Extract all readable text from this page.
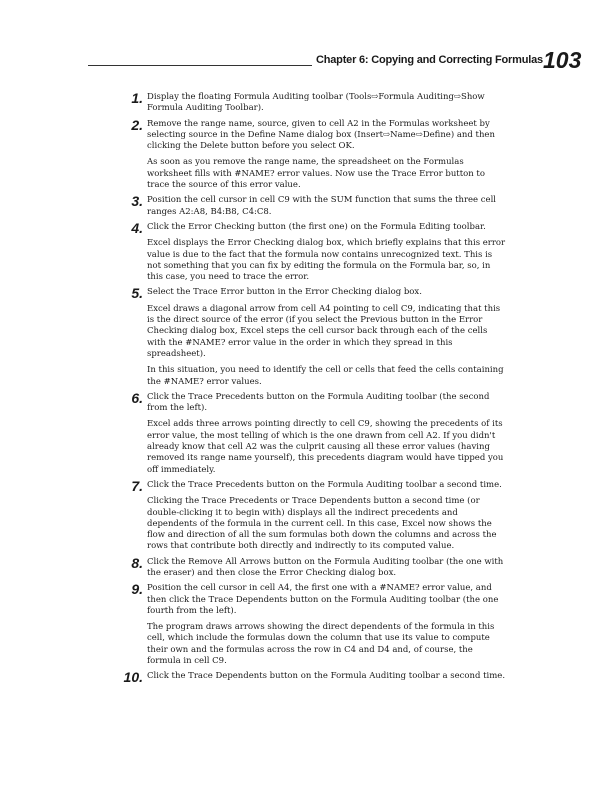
Chapter 6: Copying and Correcting Formulas 103
1. Display the floating Formula Auditing toolbar (Tools⇨Formula Auditing⇨Show Formula Auditing Toolbar).

2. Remove the range name, source, given to cell A2 in the Formulas worksheet by selecting source in the Define Name dialog box (Insert⇨Name⇨Define) and then clicking the Delete button before you select OK.

As soon as you remove the range name, the spreadsheet on the Formulas worksheet fills with #NAME? error values. Now use the Trace Error button to trace the source of this error value.

3. Position the cell cursor in cell C9 with the SUM function that sums the three cell ranges A2:A8, B4:B8, C4:C8.

4. Click the Error Checking button (the first one) on the Formula Editing toolbar.

Excel displays the Error Checking dialog box, which briefly explains that this error value is due to the fact that the formula now contains unrecognized text. This is not something that you can fix by editing the formula on the Formula bar, so, in this case, you need to trace the error.

5. Select the Trace Error button in the Error Checking dialog box.

Excel draws a diagonal arrow from cell A4 pointing to cell C9, indicating that this is the direct source of the error (if you select the Previous button in the Error Checking dialog box, Excel steps the cell cursor back through each of the cells with the #NAME? error value in the order in which they spread in this spreadsheet).

In this situation, you need to identify the cell or cells that feed the cells containing the #NAME? error values.

6. Click the Trace Precedents button on the Formula Auditing toolbar (the second from the left).

Excel adds three arrows pointing directly to cell C9, showing the precedents of its error value, the most telling of which is the one drawn from cell A2. If you didn't already know that cell A2 was the culprit causing all these error values (having removed its range name yourself), this precedents diagram would have tipped you off immediately.

7. Click the Trace Precedents button on the Formula Auditing toolbar a second time.

Clicking the Trace Precedents or Trace Dependents button a second time (or double-clicking it to begin with) displays all the indirect precedents and dependents of the formula in the current cell. In this case, Excel now shows the flow and direction of all the sum formulas both down the columns and across the rows that contribute both directly and indirectly to its computed value.

8. Click the Remove All Arrows button on the Formula Auditing toolbar (the one with the eraser) and then close the Error Checking dialog box.

9. Position the cell cursor in cell A4, the first one with a #NAME? error value, and then click the Trace Dependents button on the Formula Auditing toolbar (the one fourth from the left).

The program draws arrows showing the direct dependents of the formula in this cell, which include the formulas down the column that use its value to compute their own and the formulas across the row in C4 and D4 and, of course, the formula in cell C9.

10. Click the Trace Dependents button on the Formula Auditing toolbar a second time.
